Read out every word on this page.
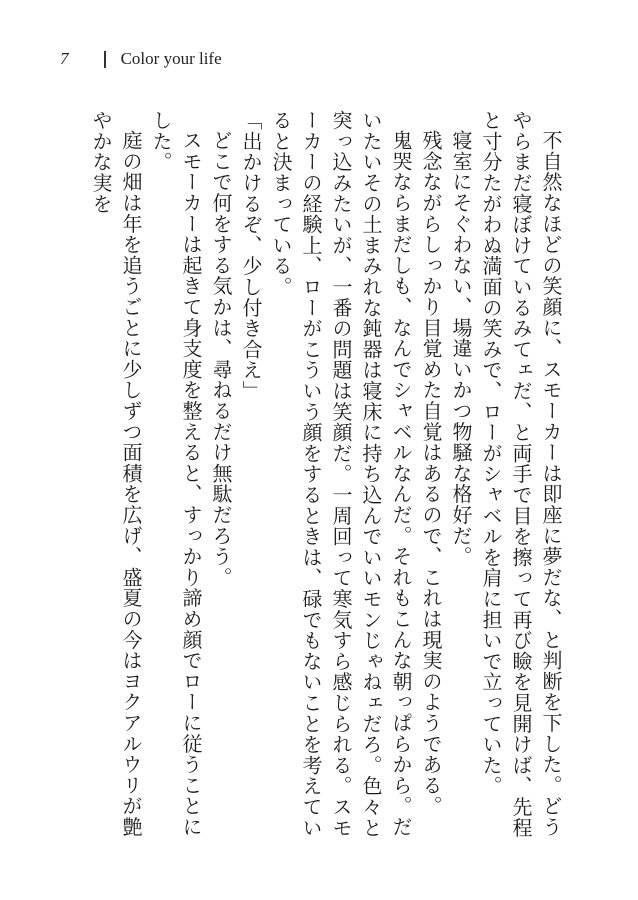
7	Color your life

不自然なほどの笑顔に、スモーカーは即座に夢だな、と判断を下した。どうやらまだ寝ぼけているみてェだ、と両手で目を擦って再び瞼を見開けば、先程と寸分たがわぬ満面の笑みで、ローがシャベルを肩に担いで立っていた。

寝室にそぐわない、場違いかつ物騒な格好だ。

残念ながらしっかり目覚めた自覚はあるので、これは現実のようである。

鬼哭ならまだしも、なんでシャベルなんだ。それもこんな朝っぱらから。だいたいその土まみれな鈍器は寝床に持ち込んでいいモンじゃねェだろ。色々と突っ込みたいが、一番の問題は笑顔だ。一周回って寒気すら感じられる。スモーカーの経験上、ローがこういう顔をするときは、碌でもないことを考えていると決まっている。

「出かけるぞ、少し付き合え」

どこで何をする気かは、尋ねるだけ無駄だろう。

スモーカーは起きて身支度を整えると、すっかり諦め顔でローに従うことにした。

庭の畑は年を追うごとに少しずつ面積を広げ、盛夏の今はヨクアルウリが艶やかな実を
